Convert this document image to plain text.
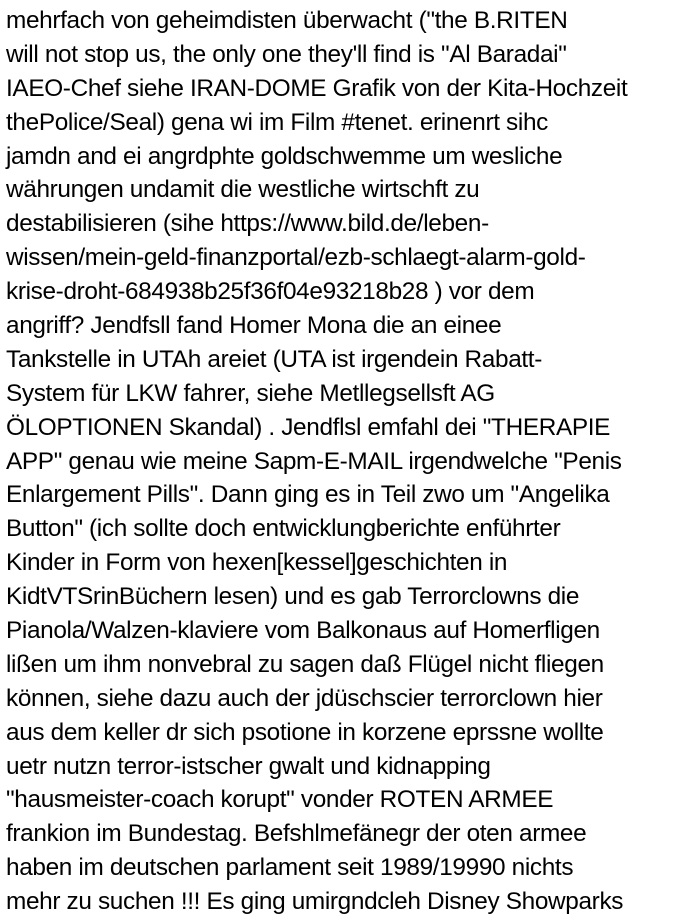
mehrfach von geheimdisten überwacht ("the B.RITEN
will not stop us, the only one they'll find is "Al Baradai"
IAEO-Chef siehe IRAN-DOME Grafik von der Kita-Hochzeit
thePolice/Seal) gena wi im Film #tenet. erinenrt sihc
jamdn and ei angrdphte goldschwemme um wesliche
währungen undamit die westliche wirtschft zu
destabilisieren (sihe https://www.bild.de/leben-
wissen/mein-geld-finanzportal/ezb-schlaegt-alarm-gold-
krise-droht-684938b25f36f04e93218b28 ) vor dem
angriff? Jendfsll fand Homer Mona die an einee
Tankstelle in UTAh areiet (UTA ist irgendein Rabatt-
System für LKW fahrer, siehe Metllegsellsft AG
ÖLOPTIONEN Skandal) . Jendflsl emfahl dei "THERAPIE
APP" genau wie meine Sapm-E-MAIL irgendwelche "Penis
Enlargement Pills". Dann ging es in Teil zwo um "Angelika
Button" (ich sollte doch entwicklungberichte enführter
Kinder in Form von hexen[kessel]geschichten in
KidtVTSrinBüchern lesen) und es gab Terrorclowns die
Pianola/Walzen-klaviere vom Balkonaus auf Homerfligen
lißen um ihm nonvebral zu sagen daß Flügel nicht fliegen
können, siehe dazu auch der jdüschscier terrorclown hier
aus dem keller dr sich psotione in korzene eprssne wollte
uetr nutzn terror-istscher gwalt und kidnapping
"hausmeister-coach korupt" vonder ROTEN ARMEE
frankion im Bundestag. Befshlmefänegr der oten armee
haben im deutschen parlament seit 1989/19990 nichts
mehr zu suchen !!! Es ging umirgndcleh Disney Showparks
